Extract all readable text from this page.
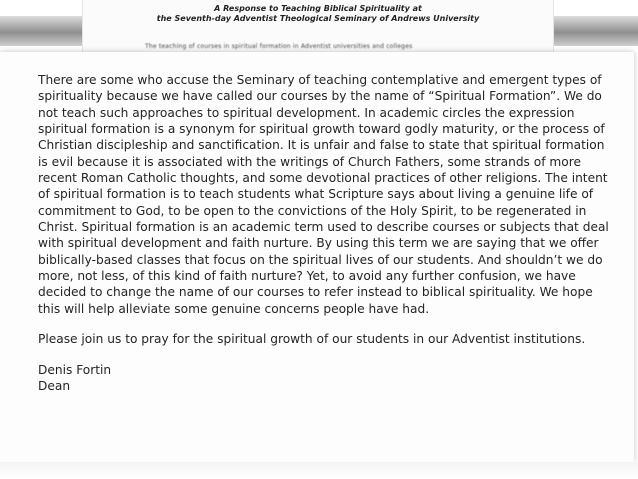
A Response to Teaching Biblical Spirituality at

the Seventh-day Adventist Theological Seminary of Andrews University

The teaching of courses in spiritual formation in Adventist universities and colleges

There are some who accuse the Seminary of teaching contemplative and emergent types of spirituality because we have called our courses by the name of “Spiritual Formation”. We do not teach such approaches to spiritual development. In academic circles the expression spiritual formation is a synonym for spiritual growth toward godly maturity, or the process of Christian discipleship and sanctification. It is unfair and false to state that spiritual formation is evil because it is associated with the writings of Church Fathers, some strands of more recent Roman Catholic thoughts, and some devotional practices of other religions. The intent of spiritual formation is to teach students what Scripture says about living a genuine life of commitment to God, to be open to the convictions of the Holy Spirit, to be regenerated in Christ. Spiritual formation is an academic term used to describe courses or subjects that deal with spiritual development and faith nurture. By using this term we are saying that we offer biblically-based classes that focus on the spiritual lives of our students. And shouldn’t we do more, not less, of this kind of faith nurture? Yet, to avoid any further confusion, we have decided to change the name of our courses to refer instead to biblical spirituality. We hope this will help alleviate some genuine concerns people have had.

Please join us to pray for the spiritual growth of our students in our Adventist institutions.

Denis Fortin
Dean
